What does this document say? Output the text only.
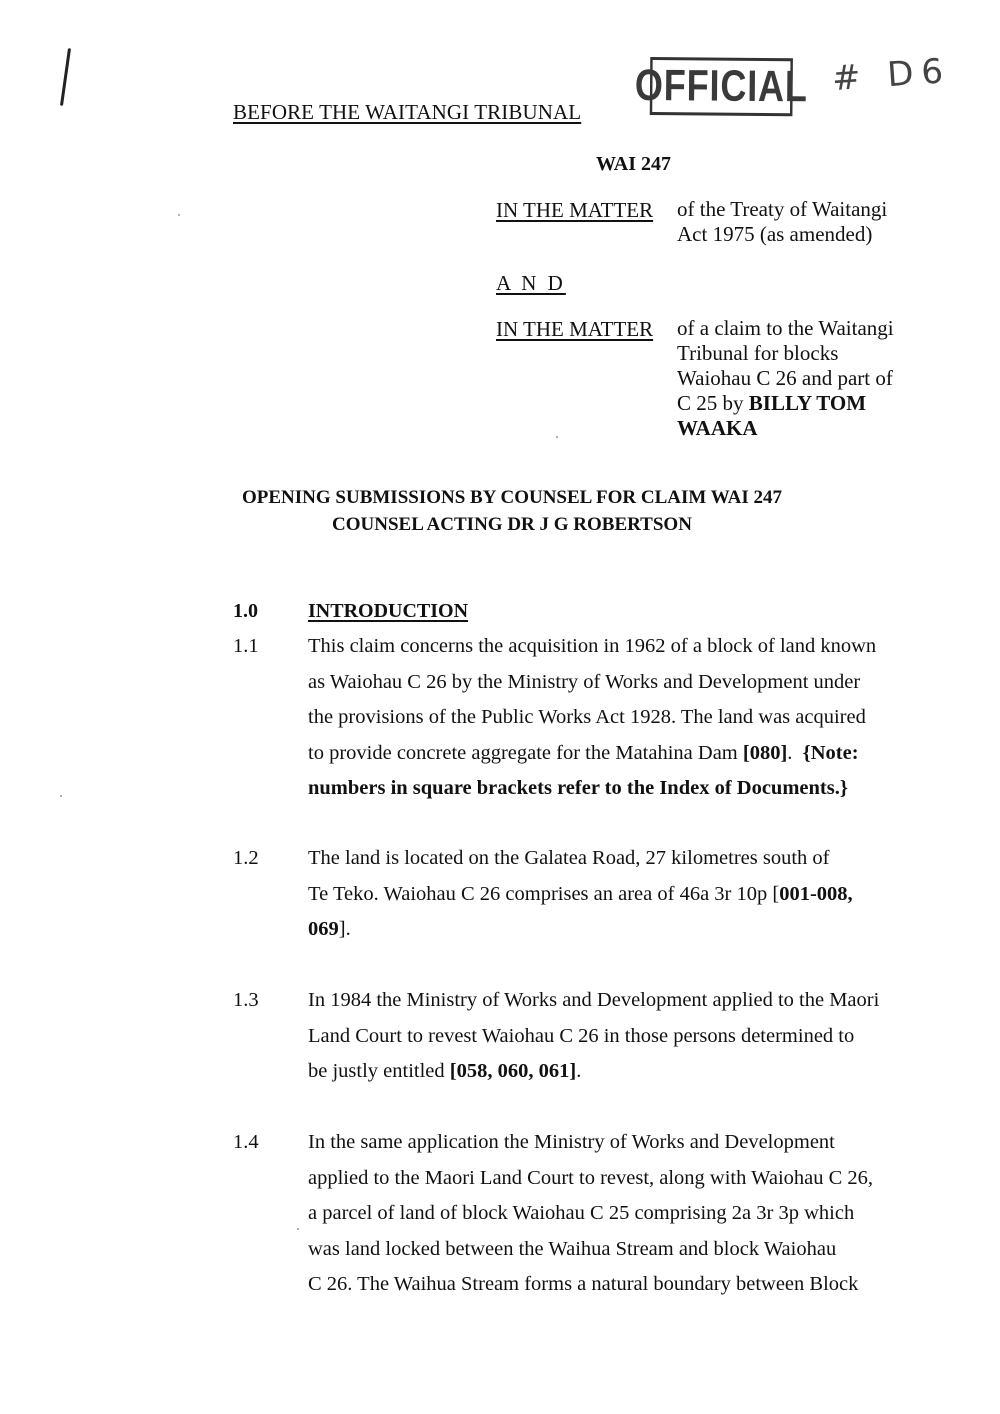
BEFORE THE WAITANGI TRIBUNAL
OFFICIAL # D6
WAI 247
IN THE MATTER of the Treaty of Waitangi
Act 1975 (as amended)
A N D
IN THE MATTER of a claim to the Waitangi
Tribunal for blocks
Waiohau C 26 and part of
C 25 by BILLY TOM
WAAKA
OPENING SUBMISSIONS BY COUNSEL FOR CLAIM WAI 247
COUNSEL ACTING DR J G ROBERTSON
1.0	INTRODUCTION
1.1	This claim concerns the acquisition in 1962 of a block of land known
as Waiohau C 26 by the Ministry of Works and Development under
the provisions of the Public Works Act 1928. The land was acquired
to provide concrete aggregate for the Matahina Dam [080].  {Note:
numbers in square brackets refer to the Index of Documents.}
1.2	The land is located on the Galatea Road, 27 kilometres south of
Te Teko. Waiohau C 26 comprises an area of 46a 3r 10p [001-008,
069].
1.3	In 1984 the Ministry of Works and Development applied to the Maori
Land Court to revest Waiohau C 26 in those persons determined to
be justly entitled [058, 060, 061].
1.4	In the same application the Ministry of Works and Development
applied to the Maori Land Court to revest, along with Waiohau C 26,
a parcel of land of block Waiohau C 25 comprising 2a 3r 3p which
was land locked between the Waihua Stream and block Waiohau
C 26. The Waihua Stream forms a natural boundary between Block
